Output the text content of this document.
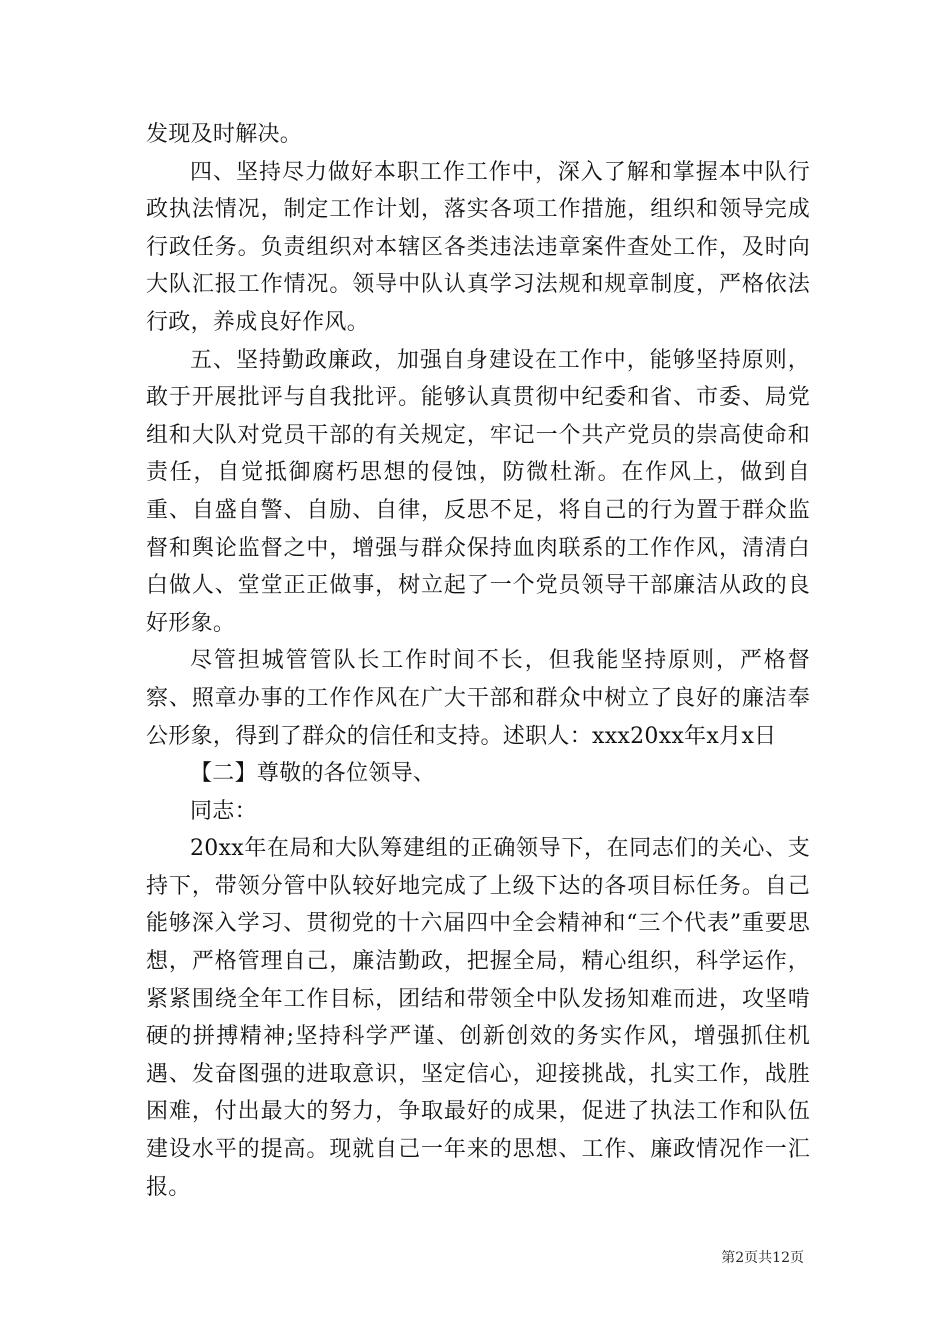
发现及时解决。

四、坚持尽力做好本职工作工作中，深入了解和掌握本中队行政执法情况，制定工作计划，落实各项工作措施，组织和领导完成行政任务。负责组织对本辖区各类违法违章案件查处工作，及时向大队汇报工作情况。领导中队认真学习法规和规章制度，严格依法行政，养成良好作风。

五、坚持勤政廉政，加强自身建设在工作中，能够坚持原则，敢于开展批评与自我批评。能够认真贯彻中纪委和省、市委、局党组和大队对党员干部的有关规定，牢记一个共产党员的崇高使命和责任，自觉抵御腐朽思想的侵蚀，防微杜渐。在作风上，做到自重、自盛自警、自励、自律，反思不足，将自己的行为置于群众监督和舆论监督之中，增强与群众保持血肉联系的工作作风，清清白白做人、堂堂正正做事，树立起了一个党员领导干部廉洁从政的良好形象。

尽管担城管管队长工作时间不长，但我能坚持原则，严格督察、照章办事的工作作风在广大干部和群众中树立了良好的廉洁奉公形象，得到了群众的信任和支持。述职人：xxx20xx年x月x日

【二】尊敬的各位领导、

同志：

20xx年在局和大队筹建组的正确领导下，在同志们的关心、支持下，带领分管中队较好地完成了上级下达的各项目标任务。自己能够深入学习、贯彻党的十六届四中全会精神和“三个代表”重要思想，严格管理自己，廉洁勤政，把握全局，精心组织，科学运作，紧紧围绕全年工作目标，团结和带领全中队发扬知难而进，攻坚啃硬的拼搏精神;坚持科学严谨、创新创效的务实作风，增强抓住机遇、发奋图强的进取意识，坚定信心，迎接挑战，扎实工作，战胜困难，付出最大的努力，争取最好的成果，促进了执法工作和队伍建设水平的提高。现就自己一年来的思想、工作、廉政情况作一汇报。

第2页共12页
